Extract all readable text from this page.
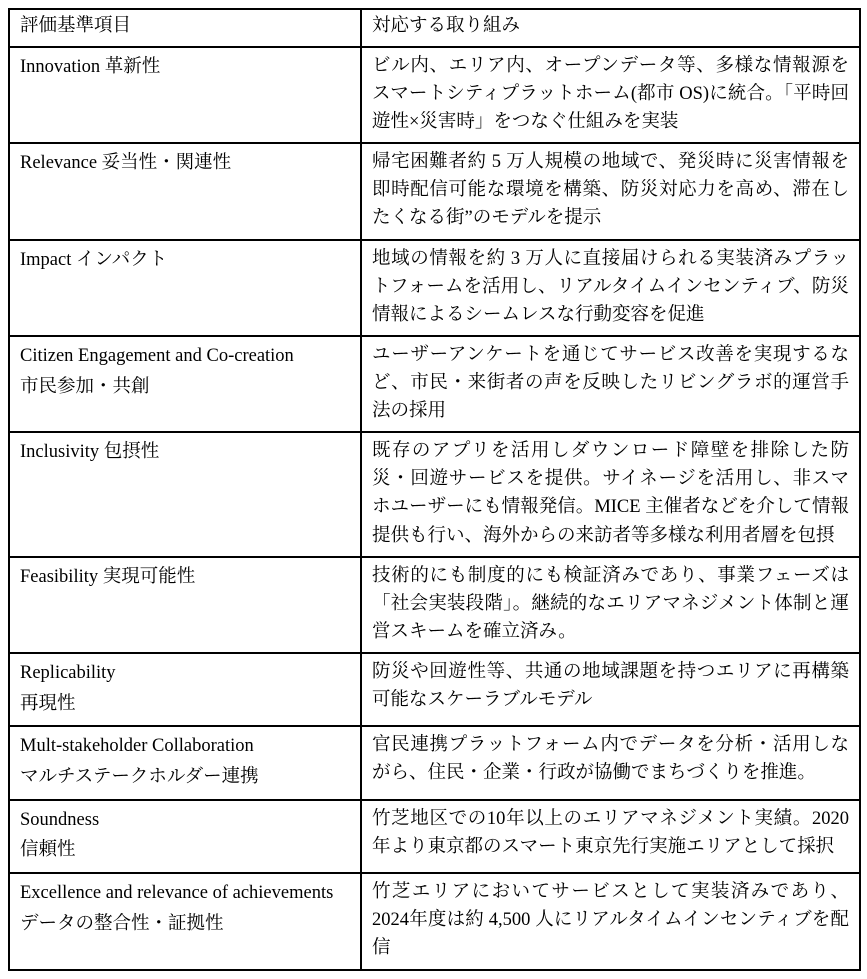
評価基準項目	対応する取り組み

Innovation 革新性	ビル内、エリア内、オープンデータ等、多様な情報源をスマートシティプラットホーム(都市 OS)に統合。「平時回遊性×災害時」をつなぐ仕組みを実装

Relevance 妥当性・関連性	帰宅困難者約 5 万人規模の地域で、発災時に災害情報を即時配信可能な環境を構築、防災対応力を高め、滞在したくなる街”のモデルを提示

Impact インパクト	地域の情報を約 3 万人に直接届けられる実装済みプラットフォームを活用し、リアルタイムインセンティブ、防災情報によるシームレスな行動変容を促進

Citizen Engagement and Co-creation
市民参加・共創	ユーザーアンケートを通じてサービス改善を実現するなど、市民・来街者の声を反映したリビングラボ的運営手法の採用

Inclusivity 包摂性	既存のアプリを活用しダウンロード障壁を排除した防災・回遊サービスを提供。サイネージを活用し、非スマホユーザーにも情報発信。MICE 主催者などを介して情報提供も行い、海外からの来訪者等多様な利用者層を包摂

Feasibility 実現可能性	技術的にも制度的にも検証済みであり、事業フェーズは「社会実装段階」。継続的なエリアマネジメント体制と運営スキームを確立済み。

Replicability
再現性	防災や回遊性等、共通の地域課題を持つエリアに再構築可能なスケーラブルモデル

Mult-stakeholder Collaboration
マルチステークホルダー連携	官民連携プラットフォーム内でデータを分析・活用しながら、住民・企業・行政が協働でまちづくりを推進。

Soundness
信頼性	竹芝地区での10年以上のエリアマネジメント実績。2020年より東京都のスマート東京先行実施エリアとして採択

Excellence and relevance of achievements
データの整合性・証拠性	竹芝エリアにおいてサービスとして実装済みであり、2024年度は約 4,500 人にリアルタイムインセンティブを配信
